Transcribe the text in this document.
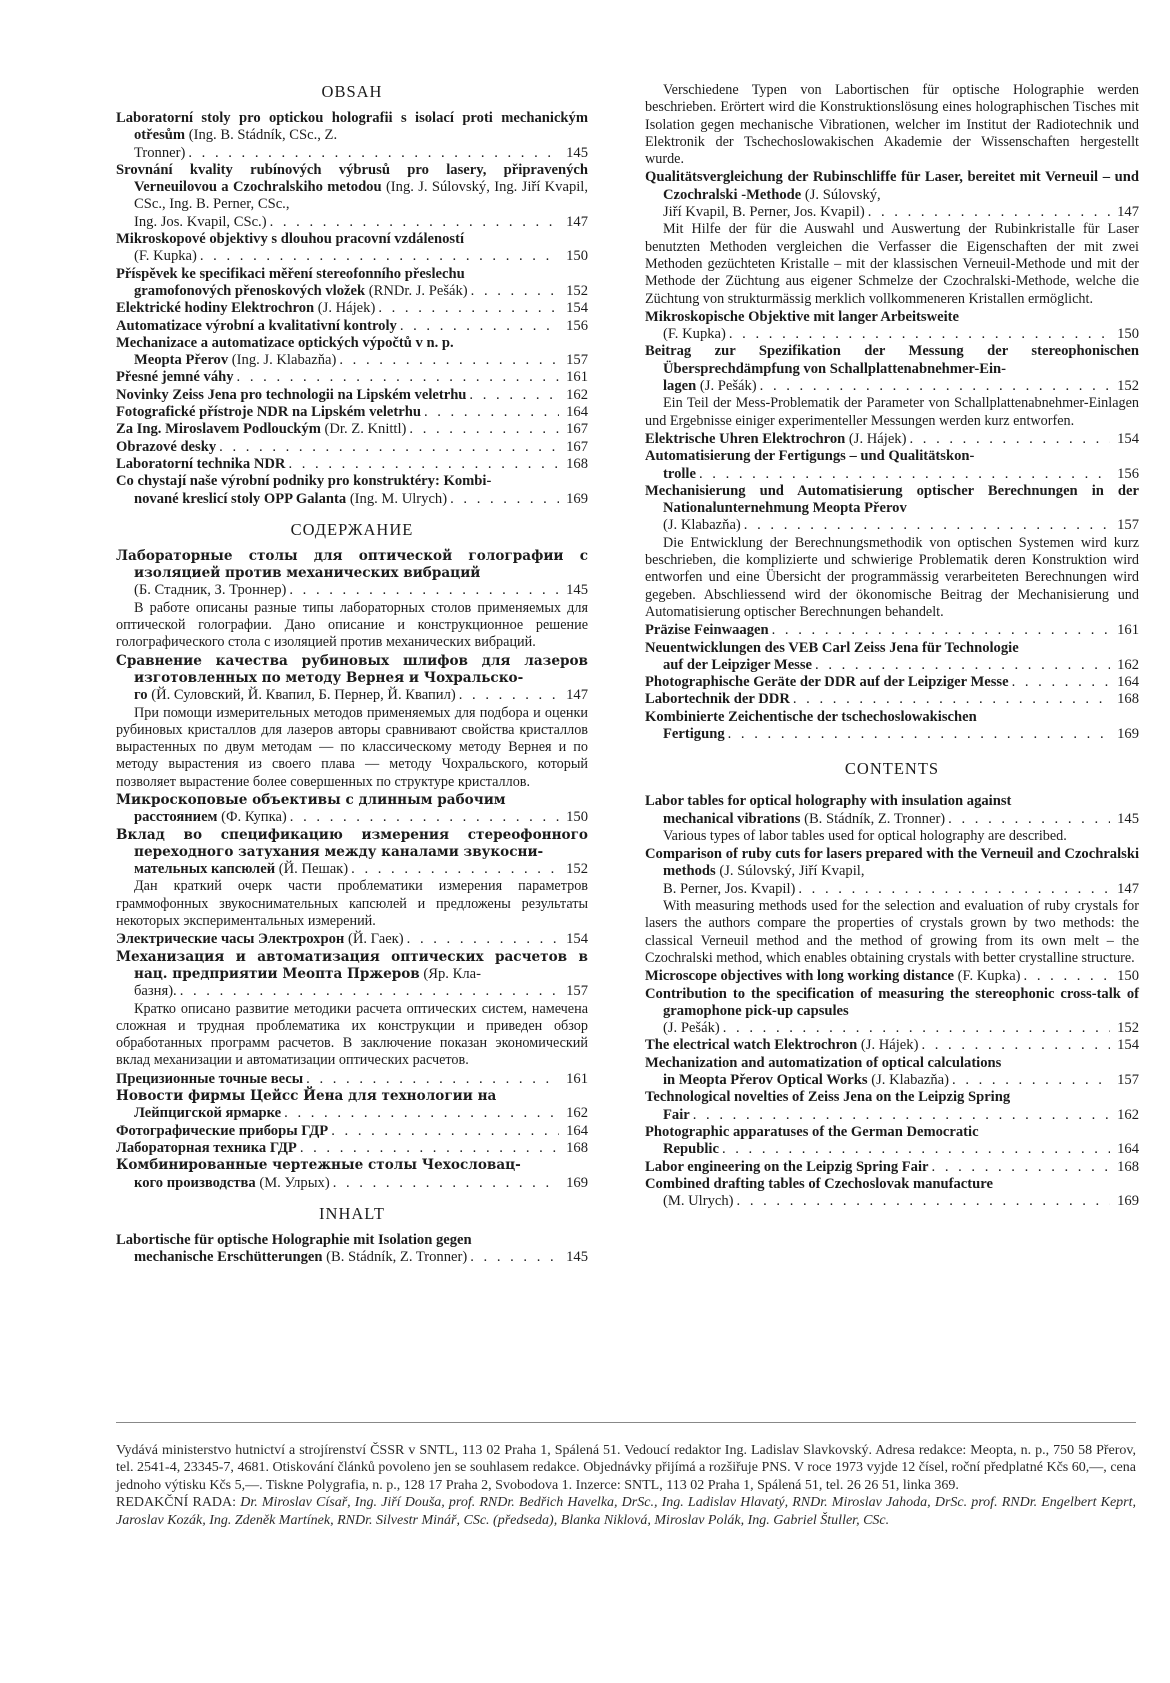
OBSAH
Laboratorní stoly pro optickou holografii s isolací proti mechanickým otřesům (Ing. B. Stádník, CSc., Z.
Tronner) . . .	145
Srovnání kvality rubínových výbrusů pro lasery, připravených Verneuilovou a Czochralskiho metodou (Ing. J. Súlovský, Ing. Jiří Kvapil, CSc., Ing. B. Perner, CSc.,
Ing. Jos. Kvapil, CSc.) . . .	147
Mikroskopové objektivy s dlouhou pracovní vzdáleností
(F. Kupka) . . .	150
Příspěvek ke specifikaci měření stereofonního přeslechu
gramofonových přenoskových vložek (RNDr. J. Pešák) . . .	152
Elektrické hodiny Elektrochron (J. Hájek) . . .	154
Automatizace výrobní a kvalitativní kontroly . . .	156
Mechanizace a automatizace optických výpočtů v n. p.
Meopta Přerov (Ing. J. Klabazňa) . . .	157
Přesné jemné váhy . . .	161
Novinky Zeiss Jena pro technologii na Lipském veletrhu . . .	162
Fotografické přístroje NDR na Lipském veletrhu . . .	164
Za Ing. Miroslavem Podlouckým (Dr. Z. Knittl) . . .	167
Obrazové desky . . .	167
Laboratorní technika NDR . . .	168
Co chystají naše výrobní podniky pro konstruktéry: Kombi-
nované kreslicí stoly OPP Galanta (Ing. M. Ulrych) . . .	169
СОДЕРЖАНИЕ
Лабораторные столы для оптической голографии с изоляцией против механических вибраций
(Б. Стадник, З. Троннер) . . .	145
В работе описаны разные типы лабораторных столов применяемых для оптической голографии. Дано описание и конструкционное решение голографического стола с изоляцией против механических вибраций.
Сравнение качества рубиновых шлифов для лазеров изготовленных по методу Вернея и Чохральско-
го (Й. Суловский, Й. Квапил, Б. Пернер, Й. Квапил) . . .	147
При помощи измерительных методов применяемых для подбора и оценки рубиновых кристаллов для лазеров авторы сравнивают свойства кристаллов вырастенных по двум методам — по классическому методу Вернея и по методу вырастения из своего плава — методу Чохральского, который позволяет вырастение более совершенных по структуре кристаллов.
Микроскоповые объективы с длинным рабочим
расстоянием (Ф. Купка) . . .	150
Вклад во спецификацию измерения стереофонного переходного затухания между каналами звукосни-
мательных капсюлей (Й. Пешак) . . .	152
Дан краткий очерк части проблематики измерения параметров граммофонных звукоснимательных капсюлей и предложены результаты некоторых экспериментальных измерений.
Электрические часы Электрохрон (Й. Гаек) . . .	154
Механизация и автоматизация оптических расчетов в нац. предприятии Меопта Пржеров (Яр. Кла-
базня). . . .	157
Кратко описано развитие методики расчета оптических систем, намечена сложная и трудная проблематика их конструкции и приведен обзор обработанных программ расчетов. В заключение показан экономический вклад механизации и автоматизации оптических расчетов.
Прецизионные точные весы . . .	161
Новости фирмы Цейсс Йена для технологии на
Лейпцигской ярмарке . . .	162
Фотографические приборы ГДР . . .	164
Лабораторная техника ГДР . . .	168
Комбинированные чертежные столы Чехословац-
кого производства (М. Улрых) . . .	169
INHALT
Labortische für optische Holographie mit Isolation gegen
mechanische Erschütterungen (B. Stádník, Z. Tronner) . . .	145
Verschiedene Typen von Labortischen für optische Holographie werden beschrieben. Erörtert wird die Konstruktionslösung eines holographischen Tisches mit Isolation gegen mechanische Vibrationen, welcher im Institut der Radiotechnik und Elektronik der Tschechoslowakischen Akademie der Wissenschaften hergestellt wurde.
Qualitätsvergleichung der Rubinschliffe für Laser, bereitet mit Verneuil – und Czochralski -Methode (J. Súlovský,
Jiří Kvapil, B. Perner, Jos. Kvapil) . . .	147
Mit Hilfe der für die Auswahl und Auswertung der Rubinkristalle für Laser benutzten Methoden vergleichen die Verfasser die Eigenschaften der mit zwei Methoden gezüchteten Kristalle – mit der klassischen Verneuil-Methode und mit der Methode der Züchtung aus eigener Schmelze der Czochralski-Methode, welche die Züchtung von strukturmässig merklich vollkommeneren Kristallen ermöglicht.
Mikroskopische Objektive mit langer Arbeitsweite
(F. Kupka) . . .	150
Beitrag zur Spezifikation der Messung der stereophonischen Übersprechdämpfung von Schallplattenabnehmer-Ein-
lagen (J. Pešák) . . .	152
Ein Teil der Mess-Problematik der Parameter von Schallplattenabnehmer-Einlagen und Ergebnisse einiger experimenteller Messungen werden kurz entworfen.
Elektrische Uhren Elektrochron (J. Hájek) . . .	154
Automatisierung der Fertigungs – und Qualitätskon-
trolle . . .	156
Mechanisierung und Automatisierung optischer Berechnungen in der Nationalunternehmung Meopta Přerov
(J. Klabazňa) . . .	157
Die Entwicklung der Berechnungsmethodik von optischen Systemen wird kurz beschrieben, die komplizierte und schwierige Problematik deren Konstruktion wird entworfen und eine Übersicht der programmässig verarbeiteten Berechnungen wird gegeben. Abschliessend wird der ökonomische Beitrag der Mechanisierung und Automatisierung optischer Berechnungen behandelt.
Präzise Feinwaagen . . .	161
Neuentwicklungen des VEB Carl Zeiss Jena für Technologie
auf der Leipziger Messe . . .	162
Photographische Geräte der DDR auf der Leipziger Messe . . .	164
Labortechnik der DDR . . .	168
Kombinierte Zeichentische der tschechoslowakischen
Fertigung . . .	169
CONTENTS
Labor tables for optical holography with insulation against
mechanical vibrations (B. Stádník, Z. Tronner) . . .	145
Various types of labor tables used for optical holography are described.
Comparison of ruby cuts for lasers prepared with the Verneuil and Czochralski methods (J. Súlovský, Jiří Kvapil,
B. Perner, Jos. Kvapil) . . .	147
With measuring methods used for the selection and evaluation of ruby crystals for lasers the authors compare the properties of crystals grown by two methods: the classical Verneuil method and the method of growing from its own melt – the Czochralski method, which enables obtaining crystals with better crystalline structure.
Microscope objectives with long working distance (F. Kupka) . . .	150
Contribution to the specification of measuring the stereophonic cross-talk of gramophone pick-up capsules
(J. Pešák) . . .	152
The electrical watch Elektrochron (J. Hájek) . . .	154
Mechanization and automatization of optical calculations
in Meopta Přerov Optical Works (J. Klabazňa) . . .	157
Technological novelties of Zeiss Jena on the Leipzig Spring
Fair . . .	162
Photographic apparatuses of the German Democratic
Republic . . .	164
Labor engineering on the Leipzig Spring Fair . . .	168
Combined drafting tables of Czechoslovak manufacture
(M. Ulrych) . . .	169
Vydává ministerstvo hutnictví a strojírenství ČSSR v SNTL, 113 02 Praha 1, Spálená 51. Vedoucí redaktor Ing. Ladislav Slavkovský. Adresa redakce: Meopta, n. p., 750 58 Přerov, tel. 2541-4, 23345-7, 4681. Otiskování článků povoleno jen se souhlasem redakce. Objednávky přijímá a rozšiřuje PNS. V roce 1973 vyjde 12 čísel, roční předplatné Kčs 60,—, cena jednoho výtisku Kčs 5,—. Tiskne Polygrafia, n. p., 128 17 Praha 2, Svobodova 1. Inzerce: SNTL, 113 02 Praha 1, Spálená 51, tel. 26 26 51, linka 369.
REDAKČNÍ RADA: Dr. Miroslav Císař, Ing. Jiří Douša, prof. RNDr. Bedřich Havelka, DrSc., Ing. Ladislav Hlavatý, RNDr. Miroslav Jahoda, DrSc. prof. RNDr. Engelbert Keprt, Jaroslav Kozák, Ing. Zdeněk Martínek, RNDr. Silvestr Minář, CSc. (předseda), Blanka Niklová, Miroslav Polák, Ing. Gabriel Štuller, CSc.
